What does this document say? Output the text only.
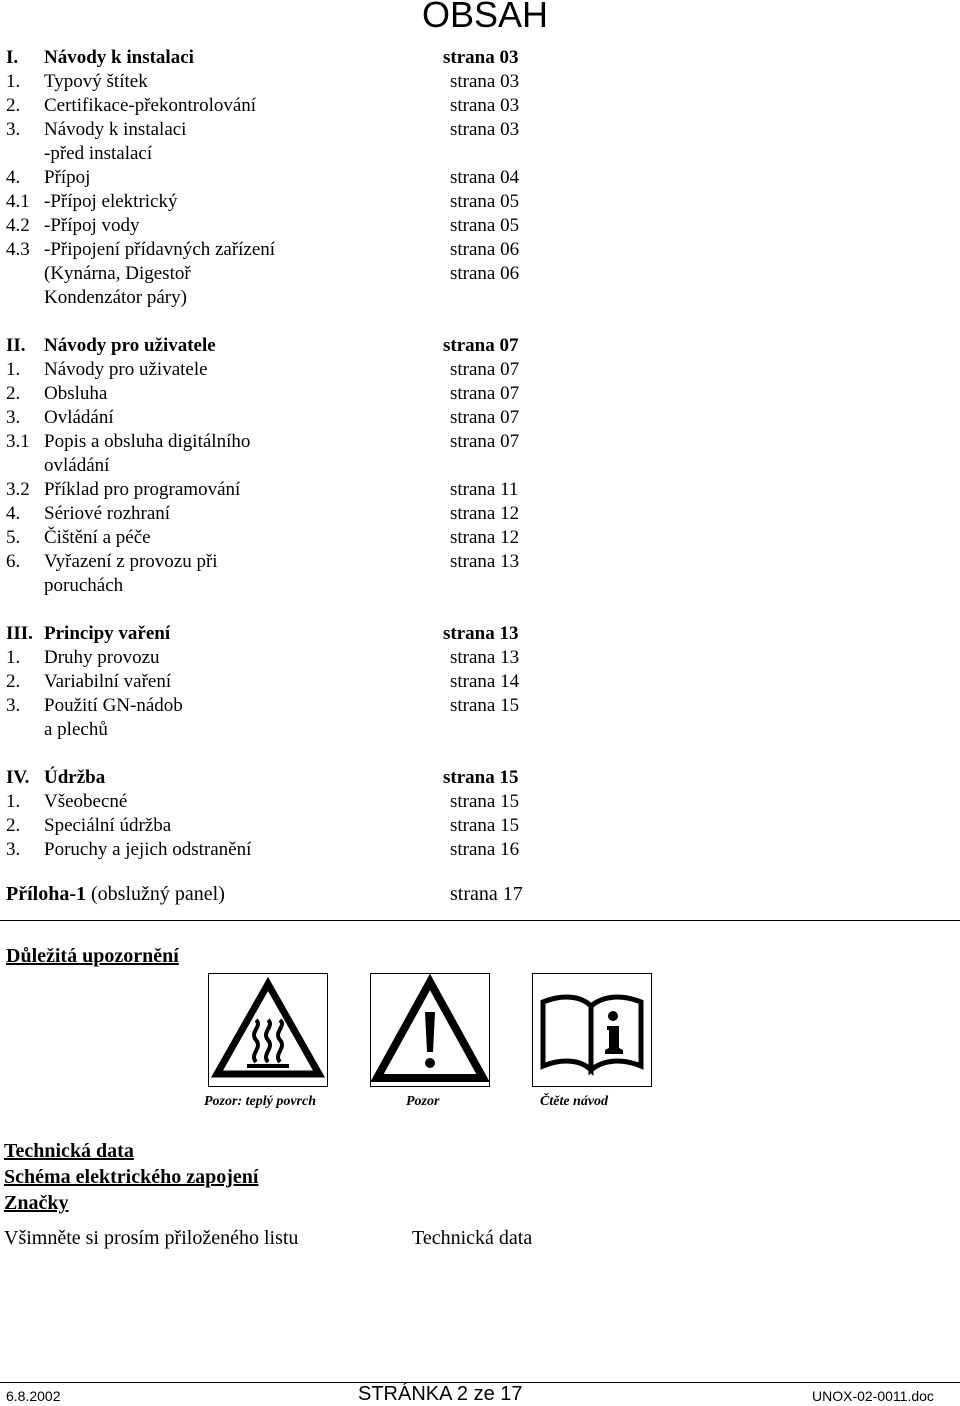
OBSAH
I. Návody k instalaci	strana 03
1. Typový štítek	strana 03
2. Certifikace-překontrolování	strana 03
3. Návody k instalaci	strana 03
-před instalací
4. Přípoj	strana 04
4.1 -Přípoj elektrický	strana 05
4.2 -Přípoj vody	strana 05
4.3 -Připojení přídavných zařízení	strana 06
(Kynárna, Digestoř	strana 06
Kondenzátor páry)
II. Návody pro uživatele	strana 07
1. Návody pro uživatele	strana 07
2. Obsluha	strana 07
3. Ovládání	strana 07
3.1 Popis a obsluha digitálního	strana 07
ovládání
3.2 Příklad pro programování	strana 11
4. Sériové rozhraní	strana 12
5. Čištění a péče	strana 12
6. Vyřazení z provozu při	strana 13
poruchách
III. Principy vaření	strana 13
1. Druhy provozu	strana 13
2. Variabilní vaření	strana 14
3. Použití GN-nádob	strana 15
a plechů
IV. Údržba	strana 15
1. Všeobecné	strana 15
2. Speciální údržba	strana 15
3. Poruchy a jejich odstranění	strana 16
Příloha-1 (obslužný panel)	strana 17
Důležitá upozornění
Pozor: teplý povrch	Pozor	Čtěte návod
Technická data
Schéma elektrického zapojení
Značky
Všimněte si prosím přiloženého listu	Technická data
6.8.2002	STRÁNKA 2 ze 17	UNOX-02-0011.doc
